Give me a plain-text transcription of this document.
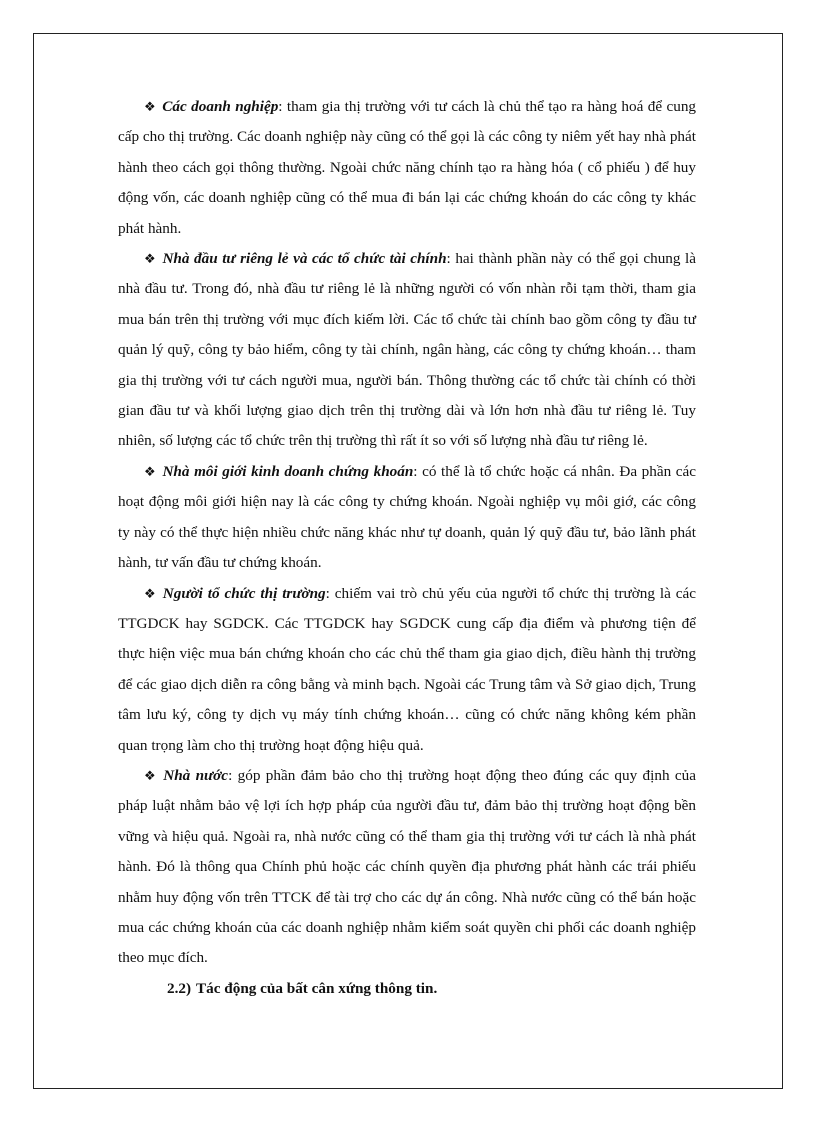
❖ Các doanh nghiệp: tham gia thị trường với tư cách là chủ thể tạo ra hàng hoá để cung cấp cho thị trường. Các doanh nghiệp này cũng có thể gọi là các công ty niêm yết hay nhà phát hành theo cách gọi thông thường. Ngoài chức năng chính tạo ra hàng hóa ( cổ phiếu ) để huy động vốn, các doanh nghiệp cũng có thể mua đi bán lại các chứng khoán do các công ty khác phát hành.

❖ Nhà đầu tư riêng lẻ và các tổ chức tài chính: hai thành phần này có thể gọi chung là nhà đầu tư. Trong đó, nhà đầu tư riêng lẻ là những người có vốn nhàn rỗi tạm thời, tham gia mua bán trên thị trường với mục đích kiếm lời. Các tổ chức tài chính bao gồm công ty đầu tư quản lý quỹ, công ty bảo hiểm, công ty tài chính, ngân hàng, các công ty chứng khoán… tham gia thị trường với tư cách người mua, người bán. Thông thường các tổ chức tài chính có thời gian đầu tư và khối lượng giao dịch trên thị trường dài và lớn hơn nhà đầu tư riêng lẻ. Tuy nhiên, số lượng các tổ chức trên thị trường thì rất ít so với số lượng nhà đầu tư riêng lẻ.

❖ Nhà môi giới kinh doanh chứng khoán: có thể là tổ chức hoặc cá nhân. Đa phần các hoạt động môi giới hiện nay là các công ty chứng khoán. Ngoài nghiệp vụ môi giớ, các công ty này có thể thực hiện nhiều chức năng khác như tự doanh, quản lý quỹ đầu tư, bảo lãnh phát hành, tư vấn đầu tư chứng khoán.

❖ Người tổ chức thị trường: chiếm vai trò chủ yếu của người tổ chức thị trường là các TTGDCK hay SGDCK. Các TTGDCK hay SGDCK cung cấp địa điểm và phương tiện để thực hiện việc mua bán chứng khoán cho các chủ thể tham gia giao dịch, điều hành thị trường để các giao dịch diễn ra công bằng và minh bạch. Ngoài các Trung tâm và Sở giao dịch, Trung tâm lưu ký, công ty dịch vụ máy tính chứng khoán… cũng có chức năng không kém phần quan trọng làm cho thị trường hoạt động hiệu quả.

❖ Nhà nước: góp phần đảm bảo cho thị trường hoạt động theo đúng các quy định của pháp luật nhằm bảo vệ lợi ích hợp pháp của người đầu tư, đảm bảo thị trường hoạt động bền vững và hiệu quả. Ngoài ra, nhà nước cũng có thể tham gia thị trường với tư cách là nhà phát hành. Đó là thông qua Chính phủ hoặc các chính quyền địa phương phát hành các trái phiếu nhằm huy động vốn trên TTCK để tài trợ cho các dự án công. Nhà nước cũng có thể bán hoặc mua các chứng khoán của các doanh nghiệp nhằm kiểm soát quyền chi phối các doanh nghiệp theo mục đích.

2.2) Tác động của bất cân xứng thông tin.
